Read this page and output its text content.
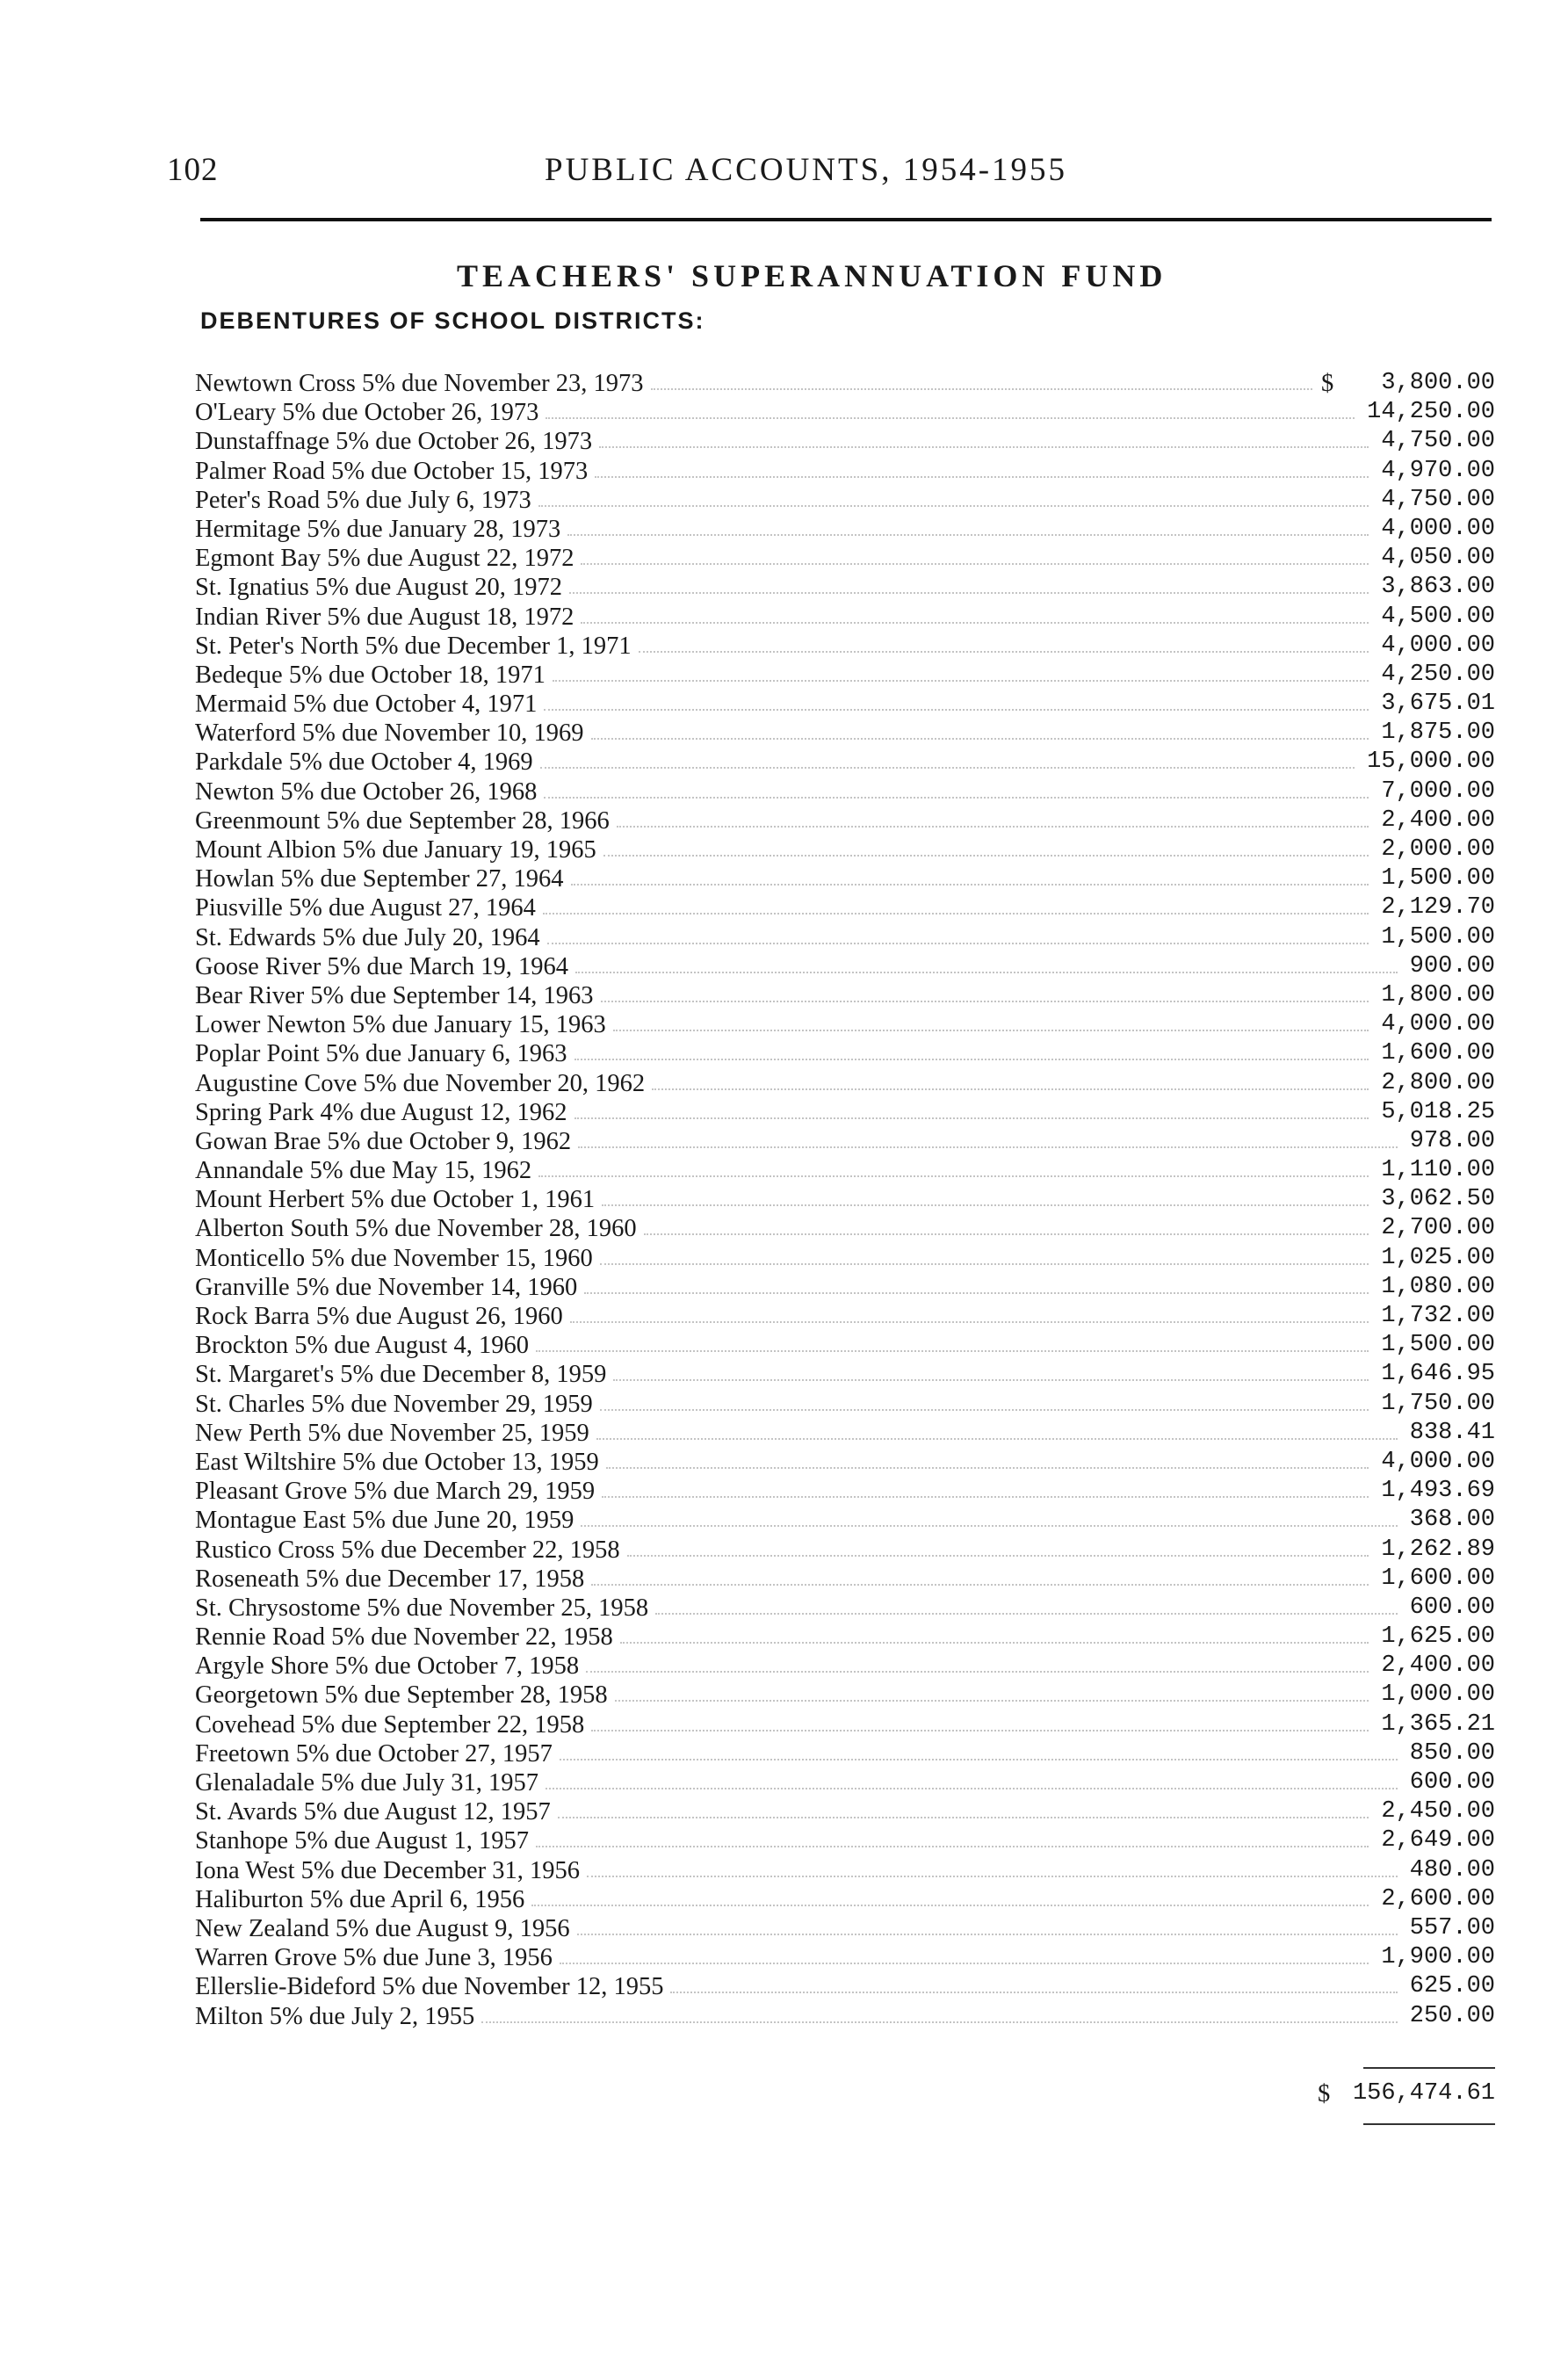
102	PUBLIC ACCOUNTS, 1954-1955
TEACHERS' SUPERANNUATION FUND
DEBENTURES OF SCHOOL DISTRICTS:
Newtown Cross 5% due November 23, 1973	$ 3,800.00
O'Leary 5% due October 26, 1973	14,250.00
Dunstaffnage 5% due October 26, 1973	4,750.00
Palmer Road 5% due October 15, 1973	4,970.00
Peter's Road 5% due July 6, 1973	4,750.00
Hermitage 5% due January 28, 1973	4,000.00
Egmont Bay 5% due August 22, 1972	4,050.00
St. Ignatius 5% due August 20, 1972	3,863.00
Indian River 5% due August 18, 1972	4,500.00
St. Peter's North 5% due December 1, 1971	4,000.00
Bedeque 5% due October 18, 1971	4,250.00
Mermaid 5% due October 4, 1971	3,675.01
Waterford 5% due November 10, 1969	1,875.00
Parkdale 5% due October 4, 1969	15,000.00
Newton 5% due October 26, 1968	7,000.00
Greenmount 5% due September 28, 1966	2,400.00
Mount Albion 5% due January 19, 1965	2,000.00
Howlan 5% due September 27, 1964	1,500.00
Piusville 5% due August 27, 1964	2,129.70
St. Edwards 5% due July 20, 1964	1,500.00
Goose River 5% due March 19, 1964	900.00
Bear River 5% due September 14, 1963	1,800.00
Lower Newton 5% due January 15, 1963	4,000.00
Poplar Point 5% due January 6, 1963	1,600.00
Augustine Cove 5% due November 20, 1962	2,800.00
Spring Park 4% due August 12, 1962	5,018.25
Gowan Brae 5% due October 9, 1962	978.00
Annandale 5% due May 15, 1962	1,110.00
Mount Herbert 5% due October 1, 1961	3,062.50
Alberton South 5% due November 28, 1960	2,700.00
Monticello 5% due November 15, 1960	1,025.00
Granville 5% due November 14, 1960	1,080.00
Rock Barra 5% due August 26, 1960	1,732.00
Brockton 5% due August 4, 1960	1,500.00
St. Margaret's 5% due December 8, 1959	1,646.95
St. Charles 5% due November 29, 1959	1,750.00
New Perth 5% due November 25, 1959	838.41
East Wiltshire 5% due October 13, 1959	4,000.00
Pleasant Grove 5% due March 29, 1959	1,493.69
Montague East 5% due June 20, 1959	368.00
Rustico Cross 5% due December 22, 1958	1,262.89
Roseneath 5% due December 17, 1958	1,600.00
St. Chrysostome 5% due November 25, 1958	600.00
Rennie Road 5% due November 22, 1958	1,625.00
Argyle Shore 5% due October 7, 1958	2,400.00
Georgetown 5% due September 28, 1958	1,000.00
Covehead 5% due September 22, 1958	1,365.21
Freetown 5% due October 27, 1957	850.00
Glenaladale 5% due July 31, 1957	600.00
St. Avards 5% due August 12, 1957	2,450.00
Stanhope 5% due August 1, 1957	2,649.00
Iona West 5% due December 31, 1956	480.00
Haliburton 5% due April 6, 1956	2,600.00
New Zealand 5% due August 9, 1956	557.00
Warren Grove 5% due June 3, 1956	1,900.00
Ellerslie-Bideford 5% due November 12, 1955	625.00
Milton 5% due July 2, 1955	250.00
$ 156,474.61
